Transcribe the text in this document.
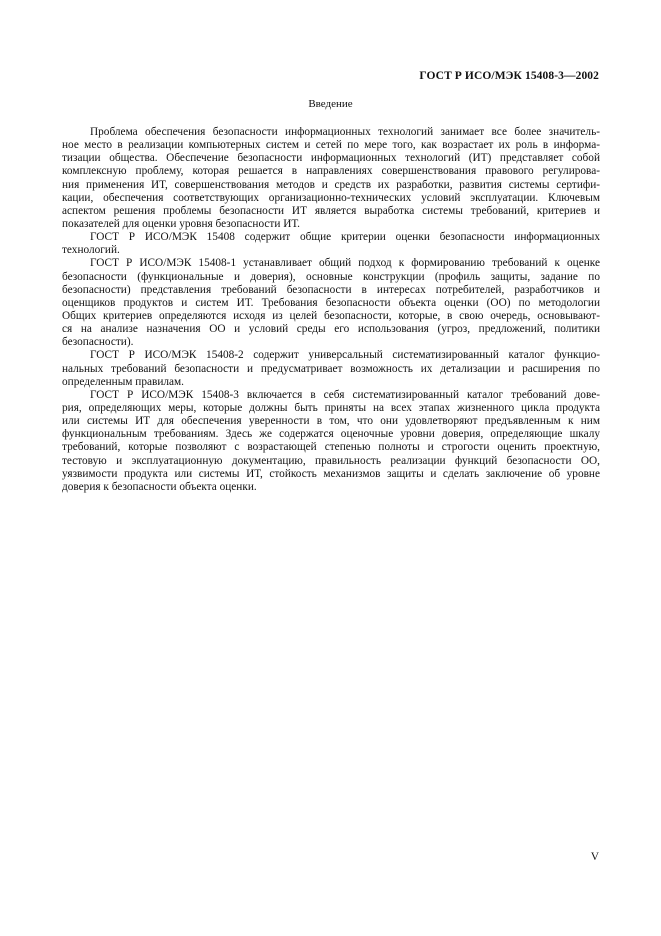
ГОСТ Р ИСО/МЭК 15408-3—2002
Введение

Проблема обеспечения безопасности информационных технологий занимает все более значитель-
ное место в реализации компьютерных систем и сетей по мере того, как возрастает их роль в информа-
тизации общества. Обеспечение безопасности информационных технологий (ИТ) представляет собой
комплексную проблему, которая решается в направлениях совершенствования правового регулирова-
ния применения ИТ, совершенствования методов и средств их разработки, развития системы сертифи-
кации, обеспечения соответствующих организационно-технических условий эксплуатации. Ключевым
аспектом решения проблемы безопасности ИТ является выработка системы требований, критериев и
показателей для оценки уровня безопасности ИТ.

ГОСТ Р ИСО/МЭК 15408 содержит общие критерии оценки безопасности информационных
технологий.

ГОСТ Р ИСО/МЭК 15408-1 устанавливает общий подход к формированию требований к оценке
безопасности (функциональные и доверия), основные конструкции (профиль защиты, задание по
безопасности) представления требований безопасности в интересах потребителей, разработчиков и
оценщиков продуктов и систем ИТ. Требования безопасности объекта оценки (ОО) по методологии
Общих критериев определяются исходя из целей безопасности, которые, в свою очередь, основывают-
ся на анализе назначения ОО и условий среды его использования (угроз, предложений, политики
безопасности).

ГОСТ Р ИСО/МЭК 15408-2 содержит универсальный систематизированный каталог функцио-
нальных требований безопасности и предусматривает возможность их детализации и расширения по
определенным правилам.

ГОСТ Р ИСО/МЭК 15408-3 включается в себя систематизированный каталог требований дове-
рия, определяющих меры, которые должны быть приняты на всех этапах жизненного цикла продукта
или системы ИТ для обеспечения уверенности в том, что они удовлетворяют предъявленным к ним
функциональным требованиям. Здесь же содержатся оценочные уровни доверия, определяющие шкалу
требований, которые позволяют с возрастающей степенью полноты и строгости оценить проектную,
тестовую и эксплуатационную документацию, правильность реализации функций безопасности ОО,
уязвимости продукта или системы ИТ, стойкость механизмов защиты и сделать заключение об уровне
доверия к безопасности объекта оценки.

V
